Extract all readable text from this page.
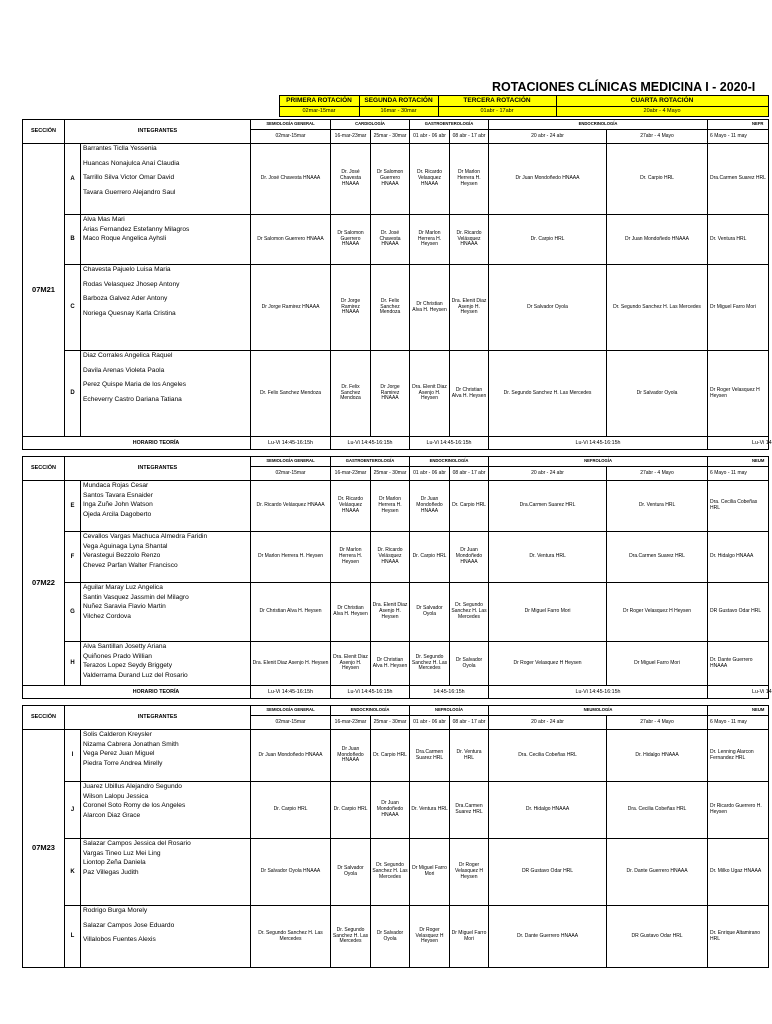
ROTACIONES CLÍNICAS MEDICINA I - 2020-I
	PRIMERA ROTACIÓN	SEGUNDA ROTACIÓN	TERCERA ROTACIÓN	CUARTA ROTACIÓN	
	02mar-15mar	16mar - 30mar	01abr - 17abr	20abr - 4 Mayo	
SECCIÓN	INTEGRANTES		SEMIOLOGÍA GENERAL	CARDIOLOGÍA		GASTROENTEROLOGÍA		ENDOCRINOLOGÍA		NEFR
			02mar-15mar	16-mar-23mar	25mar - 30mar	01 abr - 06 abr	08 abr - 17 abr	20 abr - 24 abr	27abr - 4 Mayo	6 Mayo - 11 may
07M21	A	Barrantes Ticlla Yessenia
Huancas Nonajulca Anaí Claudia
Tarrillo Silva Victor Omar David
Tavara Guerrero Alejandro Saul	Dr. José Chavesta HNAAA	Dr. José Chavesta HNAAA	Dr Salomon Guerrero HNAAA	Dr. Ricardo Velasquez HNAAA	Dr Marlon Herrera H. Heysen	Dr Juan Mondoñedo HNAAA	Dr. Carpio HRL	Dra.Carmen Suarez HRL
	B	Alva Mas Mari
Arias Fernandez Estefanny Milagros
Maco Roque Angelica Ayhsli	Dr Salomon Guerrero HNAAA	Dr Salomon Guerrero HNAAA	Dr. José Chavesta HNAAA	Dr Marlon Herrera H. Heysen	Dr. Ricardo Velásquez HNAAA	Dr. Carpio HRL	Dr Juan Mondoñedo HNAAA	Dr. Ventura HRL
	C	Chavesta Pajuelo Luisa Maria
Rodas Velasquez Jhosep Antony
Barboza Galvez Ader Antony
Noriega Quesnay Karla Cristina	Dr Jorge Ramirez HNAAA	Dr Jorge Ramirez HNAAA	Dr. Felix Sanchez Mendoza	Dr Christian Alva H. Heysen	Dra. Elenit Diaz Asenjo H. Heysen	Dr Salvador Oyola	Dr. Segundo Sanchez H. Las Mercedes	Dr Miguel Farro Mori
	D	Diaz Corrales Angelica Raquel
Davila Arenas Violeta Paola
Perez Quispe Maria de los Angeles
Echeverry Castro Dariana Tatiana	Dr. Felix Sanchez Mendoza	Dr. Felix Sanchez Mendoza	Dr Jorge Ramirez HNAAA	Dra. Elenit Diaz Asenjo H. Heysen	Dr Christian Alva H. Heysen	Dr. Segundo Sanchez H. Las Mercedes	Dr Salvador Oyola	Dr Roger Velasquez H Heysen
HORARIO TEORÍA			Lu-Vi 14:45-16:15h	Lu-Vi 14:45-16:15h		Lu-Vi 14:45-16:15h		Lu-Vi 14:45-16:15h		Lu-Vi 14

SECCIÓN	INTEGRANTES		SEMIOLOGÍA GENERAL	GASTROENTEROLOGÍA		ENDOCRINOLOGÍA		NEFROLOGÍA		NEUM
			02mar-15mar	16-mar-23mar	25mar - 30mar	01 abr - 06 abr	08 abr - 17 abr	20 abr - 24 abr	27abr - 4 Mayo	6 Mayo - 11 may
07M22	E	Mundaca Rojas Cesar
Santos Tavara Esnaider
Inga Zuñe John Watson
Ojeda Arcila Dagoberto	Dr. Ricardo Velásquez HNAAA	Dr. Ricardo Velásquez HNAAA	Dr Marlon Herrera H. Heysen	Dr Juan Mondoñedo HNAAA	Dr. Carpio HRL	Dra.Carmen Suarez HRL	Dr. Ventura HRL	Dra. Cecilia Cobeñas HRL
	F	Cevallos Vargas Machuca Almedra Faridin
Vega Aguinaga Lyna Shantal
Verastegui Bezzolo Renzo
Chevez Parfan Walter Francisco	Dr Marlon Herrera H. Heysen	Dr Marlon Herrera H. Heysen	Dr. Ricardo Velásquez HNAAA	Dr. Carpio HRL	Dr Juan Mondoñedo HNAAA	Dr. Ventura HRL	Dra.Carmen Suarez HRL	Dr. Hidalgo HNAAA
	G	Aguilar Maray Luz Angelica
Santin Vasquez Jassmin del Milagro
Nuñez Saravia Flavio Martin
Vilchez Cordova	Dr Christian Alva H. Heysen	Dr Christian Alva H. Heysen	Dra. Elenit Diaz Asenjo H. Heysen	Dr Salvador Oyola	Dr. Segundo Sanchez H. Las Mercedes	Dr Miguel Farro Mori	Dr Roger Velasquez H Heysen	DR Gustavo Odar HRL
	H	Alva Santillan Josetty Ariana
Quiñones Prado Willian
Terazos Lopez Seydy Briggety
Valderrama Durand Luz del Rosario	Dra. Elenit Diaz Asenjo H. Heysen	Dra. Elenit Diaz Asenjo H. Heysen	Dr Christian Alva H. Heysen	Dr. Segundo Sanchez H. Las Mercedes	Dr Salvador Oyola	Dr Roger Velasquez H Heysen	Dr Miguel Farro Mori	Dr. Dante Guerrero HNAAA
HORARIO TEORÍA			Lu-Vi 14:45-16:15h	Lu-Vi 14:45-16:15h		14:45-16:15h		Lu-Vi 14:45-16:15h		Lu-Vi 14

SECCIÓN	INTEGRANTES		SEMIOLOGÍA GENERAL	ENDOCRINOLOGÍA		NEFROLOGÍA		NEUMOLOGÍA		NEUM
			02mar-15mar	16-mar-23mar	25mar - 30mar	01 abr - 06 abr	08 abr - 17 abr	20 abr - 24 abr	27abr - 4 Mayo	6 Mayo - 11 may
07M23	I	Solis Calderon Kreysler
Nizama Cabrera Jonathan Smith
Vega Perez Juan Miguel
Piedra Torre Andrea Mirelly	Dr Juan Mondoñedo HNAAA	Dr Juan Mondoñedo HNAAA	Dr. Carpio HRL	Dra.Carmen Suarez HRL	Dr. Ventura HRL	Dra. Cecilia Cobeñas HRL	Dr. Hidalgo HNAAA	Dr. Lenning Alarcon Fernandez HRL
	J	Juarez Ubillus Alejandro Segundo
Wilson Lalopu Jessica
Coronel Soto Romy de los Angeles
Alarcon Diaz Grace	Dr. Carpio HRL	Dr. Carpio HRL	Dr Juan Mondoñedo HNAAA	Dr. Ventura HRL	Dra.Carmen Suarez HRL	Dr. Hidalgo HNAAA	Dra. Cecilia Cobeñas HRL	Dr Ricardo Guerrero H. Heysen
	K	Salazar Campos Jessica del Rosario
Vargas Tineo Luz Mei Ling
Liontop Zeña Daniela
Paz Villegas Judith	Dr Salvador Oyola HNAAA	Dr Salvador Oyola	Dr. Segundo Sanchez H. Las Mercedes	Dr Miguel Farro Mori	Dr Roger Velasquez H Heysen	DR Gustavo Odar HRL	Dr. Dante Guerrero HNAAA	Dr. Milko Ugaz HNAAA
	L	Rodrigo Burga Morely
Salazar Campos Jose Eduardo
Villalobos Fuentes Alexis	Dr. Segundo Sanchez H. Las Mercedes	Dr. Segundo Sanchez H. Las Mercedes	Dr Salvador Oyola	Dr Roger Velasquez H Heysen	Dr Miguel Farro Mori	Dr. Dante Guerrero HNAAA	DR Gustavo Odar HRL	Dr. Enrique Altamirano HRL
